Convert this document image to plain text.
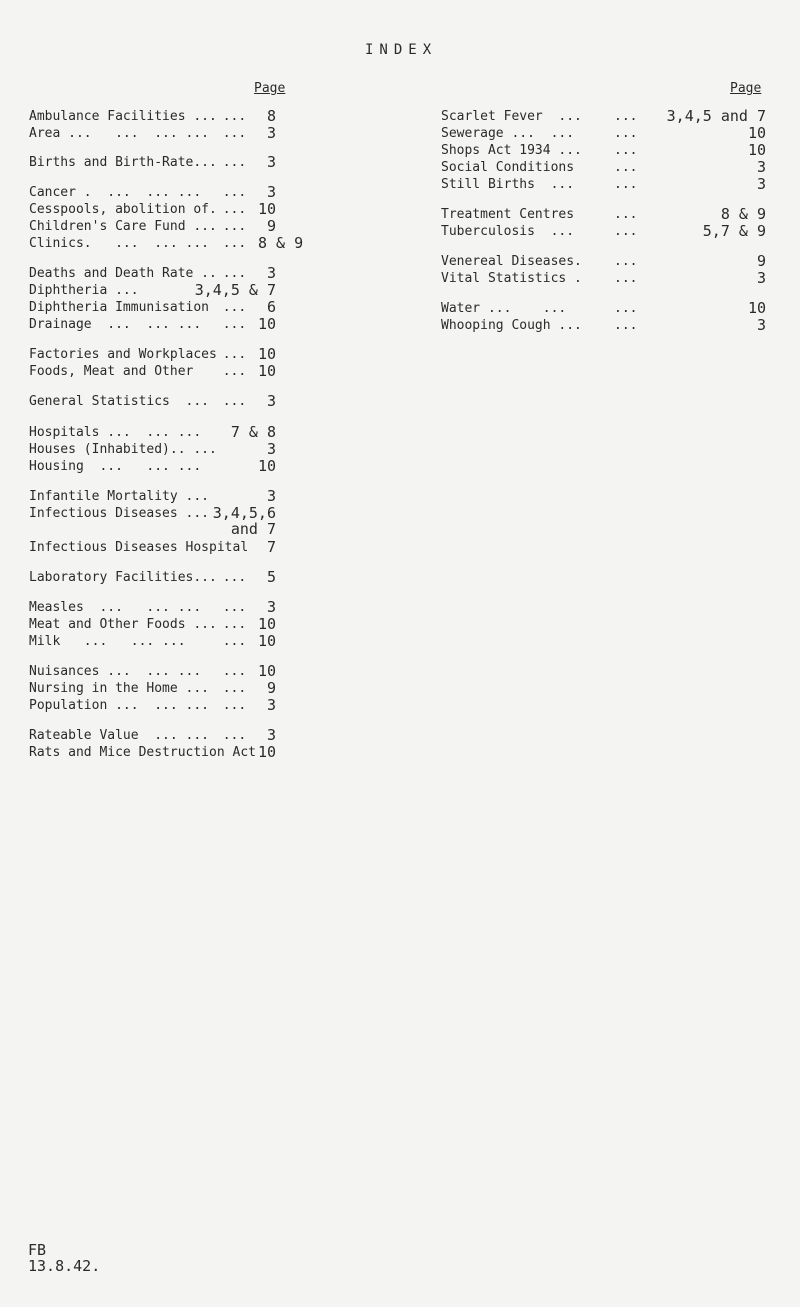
INDEX
Page	Page
Ambulance Facilities ... ... 8
Area ...   ...  ... ... ... 3
Births and Birth-Rate... ... 3
Cancer .  ...  ... ... ... 3
Cesspools, abolition of. ... 10
Children's Care Fund ... ... 9
Clinics.   ...  ... ... ... 8 & 9
Deaths and Death Rate .. ... 3
Diphtheria ...	3,4,5 & 7
Diphtheria Immunisation ... 6
Drainage  ...  ... ... ... 10
Factories and Workplaces ... 10
Foods, Meat and Other ... 10
General Statistics  ... ... 3
Hospitals ...  ... ... 7 & 8
Houses (Inhabited).. ...	3
Housing  ...   ... ...	10
Infantile Mortality ...	3
Infectious Diseases ... 3,4,5,6
and 7
Infectious Diseases Hospital 7
Laboratory Facilities... ... 5
Measles  ...   ... ... ... 3
Meat and Other Foods ... ... 10
Milk   ...   ... ...	... 10
Nuisances ...  ... ... ... 10
Nursing in the Home ... ... 9
Population ...  ... ... ... 3
Rateable Value  ... ... ... 3
Rats and Mice Destruction Act 10
Scarlet Fever  ... ... 3,4,5 and 7
Sewerage ...  ...	...	10
Shops Act 1934 ... ...	10
Social Conditions	...	3
Still Births  ...	...	3
Treatment Centres	...	8 & 9
Tuberculosis  ...	...	5,7 & 9
Venereal Diseases. ...	9
Vital Statistics . ...	3
Water ...    ...	...	10
Whooping Cough ... ...	3
FB
13.8.42.
